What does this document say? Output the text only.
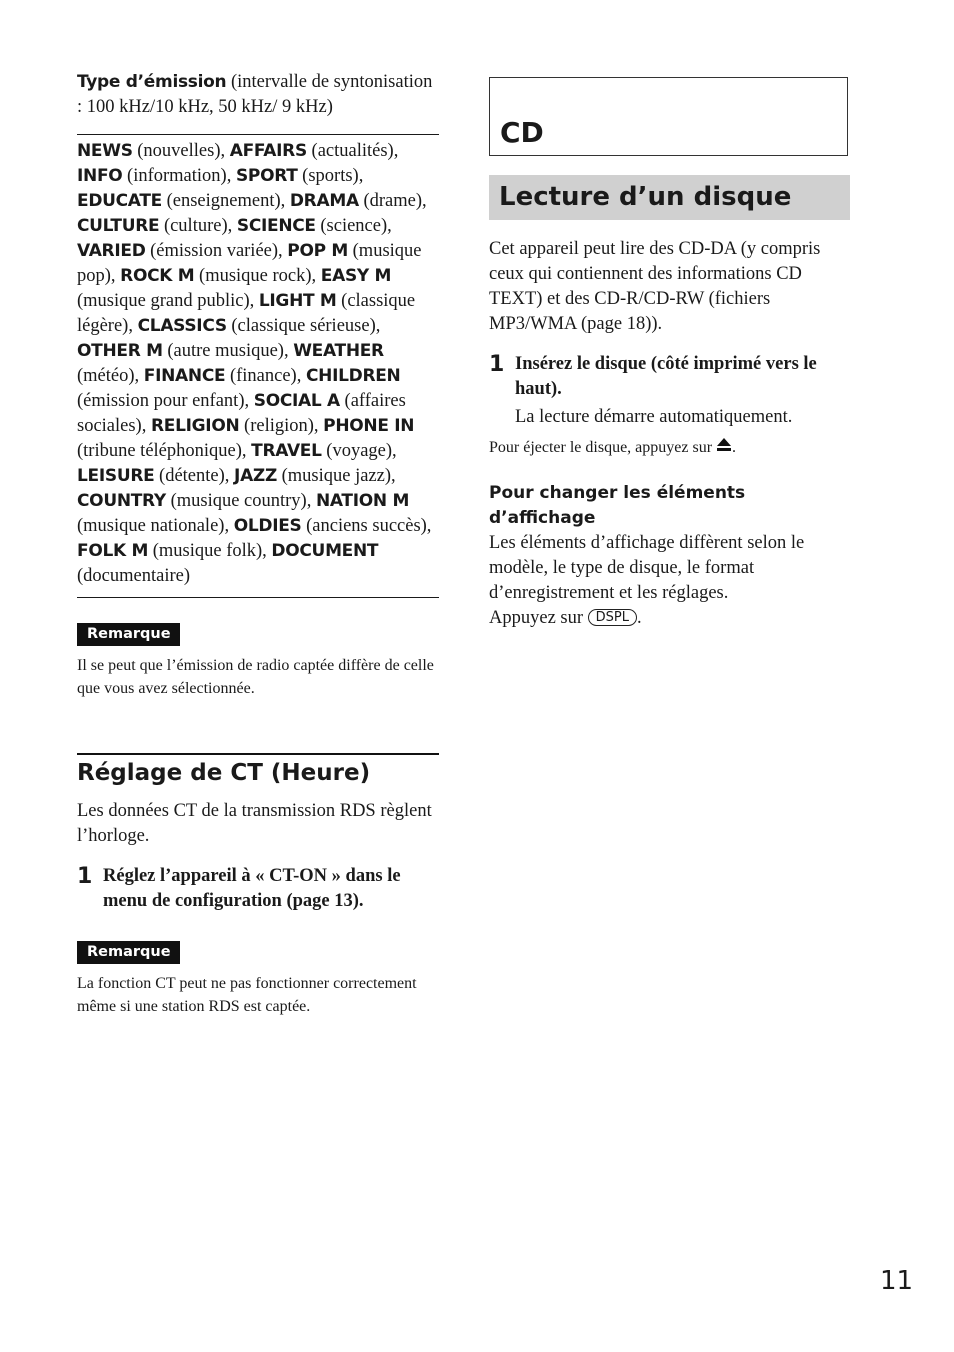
Type d’émission (intervalle de syntonisation : 100 kHz/10 kHz, 50 kHz/ 9 kHz)

NEWS (nouvelles), AFFAIRS (actualités), INFO (information), SPORT (sports), EDUCATE (enseignement), DRAMA (drame), CULTURE (culture), SCIENCE (science), VARIED (émission variée), POP M (musique pop), ROCK M (musique rock), EASY M (musique grand public), LIGHT M (classique légère), CLASSICS (classique sérieuse), OTHER M (autre musique), WEATHER (météo), FINANCE (finance), CHILDREN (émission pour enfant), SOCIAL A (affaires sociales), RELIGION (religion), PHONE IN (tribune téléphonique), TRAVEL (voyage), LEISURE (détente), JAZZ (musique jazz), COUNTRY (musique country), NATION M (musique nationale), OLDIES (anciens succès), FOLK M (musique folk), DOCUMENT (documentaire)

Remarque

Il se peut que l’émission de radio captée diffère de celle que vous avez sélectionnée.

Réglage de CT (Heure)

Les données CT de la transmission RDS règlent l’horloge.

1 Réglez l’appareil à « CT-ON » dans le menu de configuration (page 13).
Remarque

La fonction CT peut ne pas fonctionner correctement même si une station RDS est captée.

CD
Lecture d’un disque

Cet appareil peut lire des CD-DA (y compris ceux qui contiennent des informations CD TEXT) et des CD-R/CD-RW (fichiers MP3/WMA (page 18)).

1 Insérez le disque (côté imprimé vers le haut).

La lecture démarre automatiquement.

Pour éjecter le disque, appuyez sur .

Pour changer les éléments d’affichage

Les éléments d’affichage diffèrent selon le modèle, le type de disque, le format d’enregistrement et les réglages.

Appuyez sur DSPL .

11
